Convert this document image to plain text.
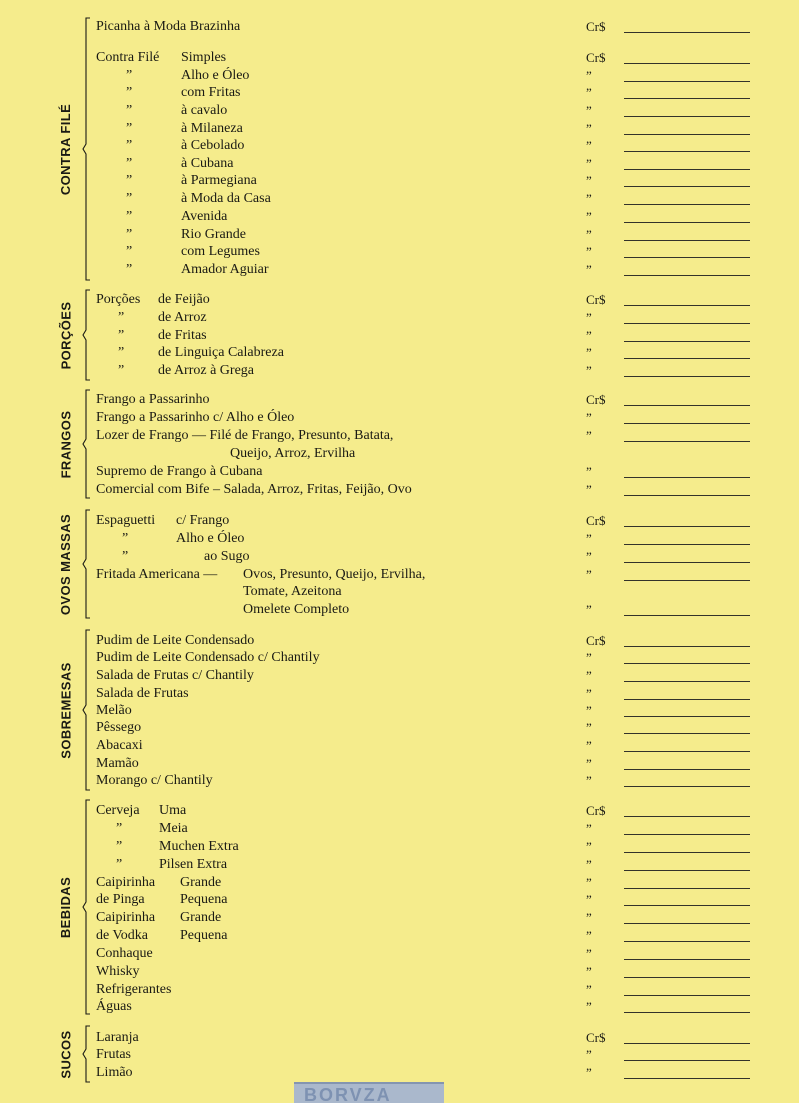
CONTRA FILÉ
Picanha à Moda Brazinha	Cr$
Contra Filé Simples	Cr$
”	Alho e Óleo	”
”	com Fritas	”
”	à cavalo	”
”	à Milaneza	”
”	à Cebolado	”
”	à Cubana	”
”	à Parmegiana	”
”	à Moda da Casa	”
”	Avenida	”
”	Rio Grande	”
”	com Legumes	”
”	Amador Aguiar	”
PORÇÕES
Porções de Feijão	Cr$
” de Arroz	”
” de Fritas	”
” de Linguiça Calabreza	”
” de Arroz à Grega	”
FRANGOS
Frango a Passarinho	Cr$
Frango a Passarinho c/ Alho e Óleo	”
Lozer de Frango — Filé de Frango, Presunto, Batata,	”
Queijo, Arroz, Ervilha
Supremo de Frango à Cubana	”
Comercial com Bife – Salada, Arroz, Fritas, Feijão, Ovo	”
OVOS MASSAS Espaguetti c/ Frango	Cr$
”	Alho e Óleo	”
”	ao Sugo	”
Fritada Americana — Ovos, Presunto, Queijo, Ervilha,	”
Tomate, Azeitona
Omelete Completo	”
SOBREMESAS
Pudim de Leite Condensado	Cr$
Pudim de Leite Condensado c/ Chantily	”
Salada de Frutas c/ Chantily	”
Salada de Frutas	”
Melão	”
Pêssego	”
Abacaxi	”
Mamão	”
Morango c/ Chantily	”
BEBIDAS
Cerveja Uma	Cr$
”	Meia	”
”	Muchen Extra	”
”	Pilsen Extra	”
Caipirinha Grande	”
de Pinga	Pequena	”
Caipirinha Grande	”
de Vodka Pequena	”
Conhaque	”
Whisky	”
Refrigerantes	”
Águas	”
SUCOS Laranja	Cr$
Frutas	”
Limão	”
BORVZA
